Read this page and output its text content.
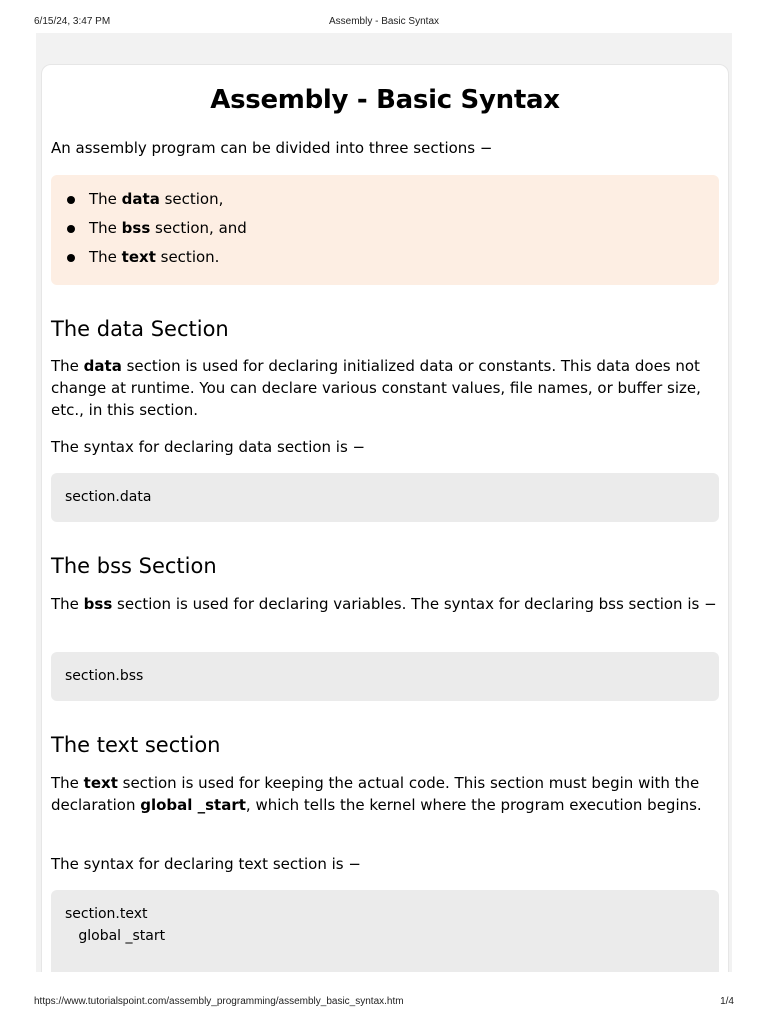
6/15/24, 3:47 PM	Assembly - Basic Syntax
Assembly - Basic Syntax

An assembly program can be divided into three sections −

The data section,
The bss section, and
The text section.
The data Section

The data section is used for declaring initialized data or constants. This data does not change at runtime. You can declare various constant values, file names, or buffer size, etc., in this section.

The syntax for declaring data section is −

section.data
The bss Section

The bss section is used for declaring variables. The syntax for declaring bss section is −

section.bss
The text section

The text section is used for keeping the actual code. This section must begin with the declaration global _start, which tells the kernel where the program execution begins.

The syntax for declaring text section is −

section.text
global _start
https://www.tutorialspoint.com/assembly_programming/assembly_basic_syntax.htm	1/4
